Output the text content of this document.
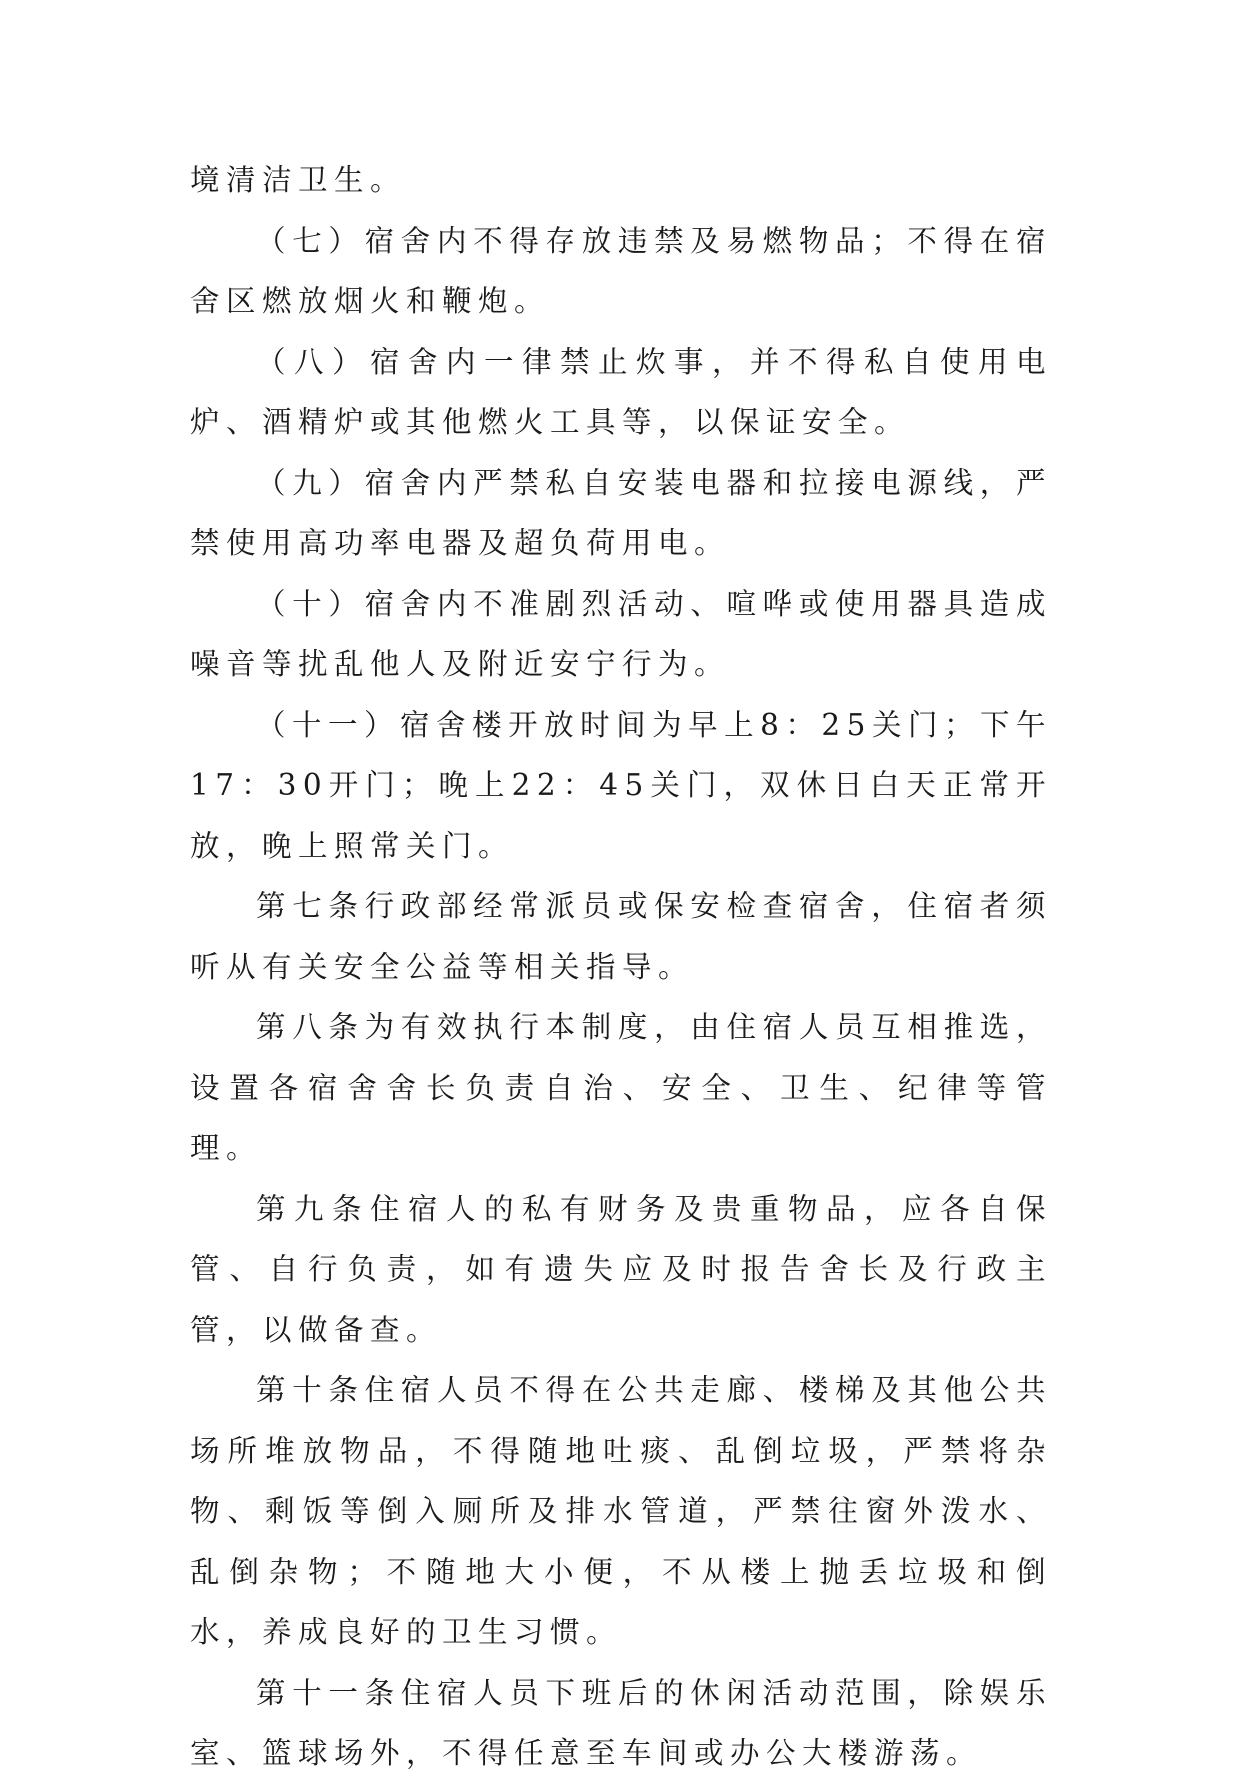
境清洁卫生。

（七）宿舍内不得存放违禁及易燃物品；不得在宿舍区燃放烟火和鞭炮。

（八）宿舍内一律禁止炊事，并不得私自使用电炉、酒精炉或其他燃火工具等，以保证安全。

（九）宿舍内严禁私自安装电器和拉接电源线，严禁使用高功率电器及超负荷用电。

（十）宿舍内不准剧烈活动、喧哗或使用器具造成噪音等扰乱他人及附近安宁行为。

（十一）宿舍楼开放时间为早上8：25关门；下午17：30开门；晚上22：45关门，双休日白天正常开放，晚上照常关门。

第七条行政部经常派员或保安检查宿舍，住宿者须听从有关安全公益等相关指导。

第八条为有效执行本制度，由住宿人员互相推选，设置各宿舍舍长负责自治、安全、卫生、纪律等管理。

第九条住宿人的私有财务及贵重物品，应各自保管、自行负责，如有遗失应及时报告舍长及行政主管，以做备查。

第十条住宿人员不得在公共走廊、楼梯及其他公共场所堆放物品，不得随地吐痰、乱倒垃圾，严禁将杂物、剩饭等倒入厕所及排水管道，严禁往窗外泼水、乱倒杂物；不随地大小便，不从楼上抛丢垃圾和倒水，养成良好的卫生习惯。

第十一条住宿人员下班后的休闲活动范围，除娱乐室、篮球场外，不得任意至车间或办公大楼游荡。
